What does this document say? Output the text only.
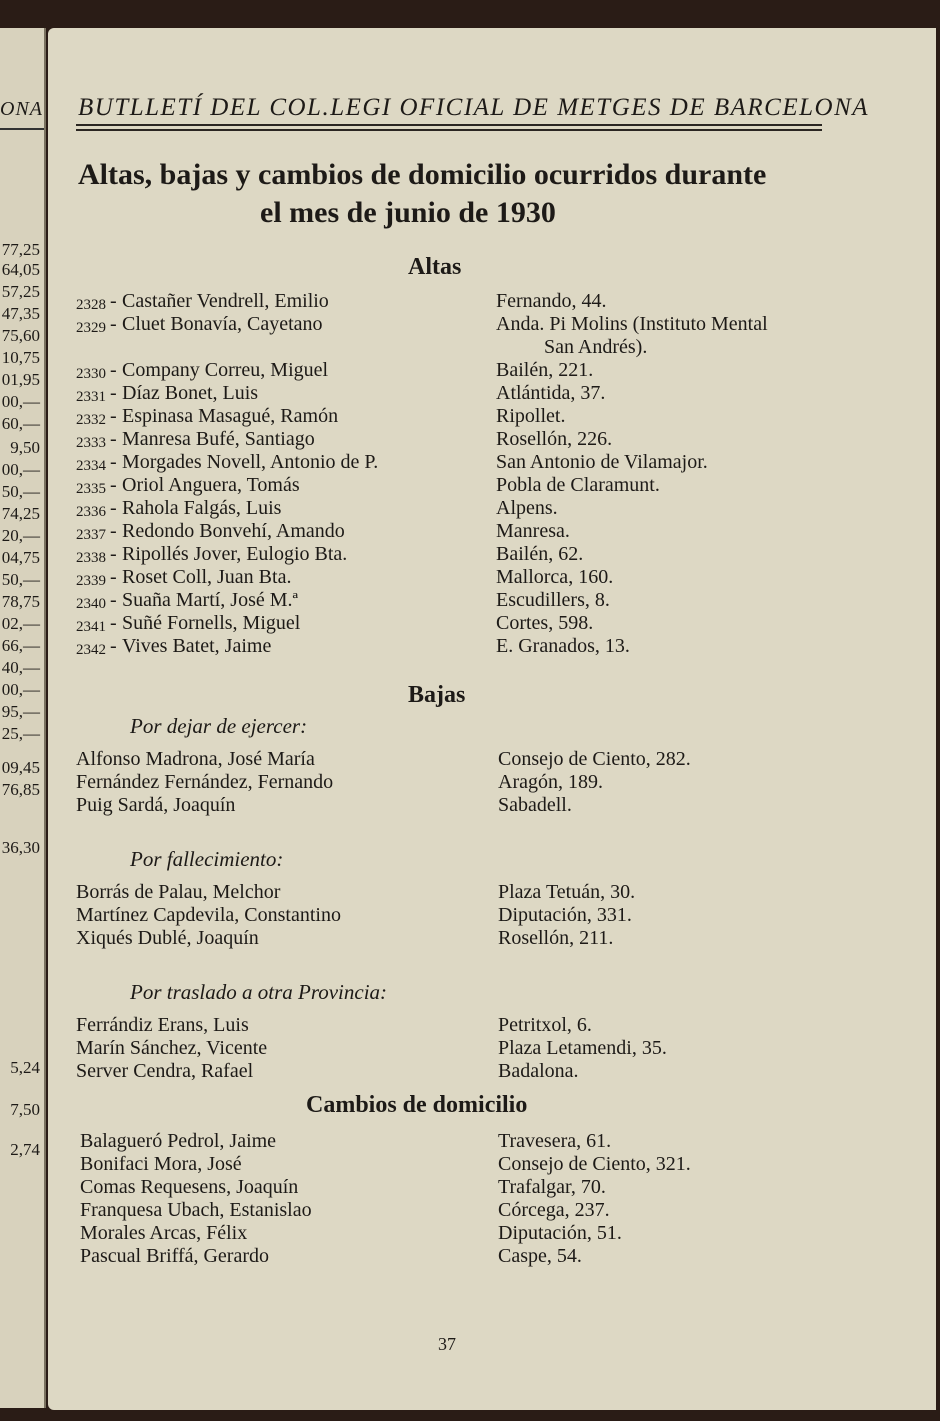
ONA
77,25
64,05
57,25
47,35
75,60
10,75
01,95
00,—
60,—
9,50
00,—
50,—
74,25
20,—
04,75
50,—
78,75
02,—
66,—
40,—
00,—
95,—
25,—
09,45
76,85
36,30
5,24
7,50
2,74
BUTLLETÍ DEL COL.LEGI OFICIAL DE METGES DE BARCELONA
Altas, bajas y cambios de domicilio ocurridos durante
el mes de junio de 1930
Altas
Bajas
Cambios de domicilio
37
2328 - Castañer Vendrell, Emilio	Fernando, 44.
2329 - Cluet Bonavía, Cayetano	Anda. Pi Molins (Instituto Mental
San Andrés).
2330 - Company Correu, Miguel	Bailén, 221.
2331 - Díaz Bonet, Luis	Atlántida, 37.
2332 - Espinasa Masagué, Ramón	Ripollet.
2333 - Manresa Bufé, Santiago	Rosellón, 226.
2334 - Morgades Novell, Antonio de P.	San Antonio de Vilamajor.
2335 - Oriol Anguera, Tomás	Pobla de Claramunt.
2336 - Rahola Falgás, Luis	Alpens.
2337 - Redondo Bonvehí, Amando	Manresa.
2338 - Ripollés Jover, Eulogio Bta.	Bailén, 62.
2339 - Roset Coll, Juan Bta.	Mallorca, 160.
2340 - Suaña Martí, José M.ª	Escudillers, 8.
2341 - Suñé Fornells, Miguel	Cortes, 598.
2342 - Vives Batet, Jaime	E. Granados, 13.
Por dejar de ejercer:
Alfonso Madrona, José María	Consejo de Ciento, 282.
Fernández Fernández, Fernando	Aragón, 189.
Puig Sardá, Joaquín	Sabadell.
Por fallecimiento:
Borrás de Palau, Melchor	Plaza Tetuán, 30.
Martínez Capdevila, Constantino	Diputación, 331.
Xiqués Dublé, Joaquín	Rosellón, 211.
Por traslado a otra Provincia:
Ferrándiz Erans, Luis	Petritxol, 6.
Marín Sánchez, Vicente	Plaza Letamendi, 35.
Server Cendra, Rafael	Badalona.
Balagueró Pedrol, Jaime	Travesera, 61.
Bonifaci Mora, José	Consejo de Ciento, 321.
Comas Requesens, Joaquín	Trafalgar, 70.
Franquesa Ubach, Estanislao	Córcega, 237.
Morales Arcas, Félix	Diputación, 51.
Pascual Briffá, Gerardo	Caspe, 54.
